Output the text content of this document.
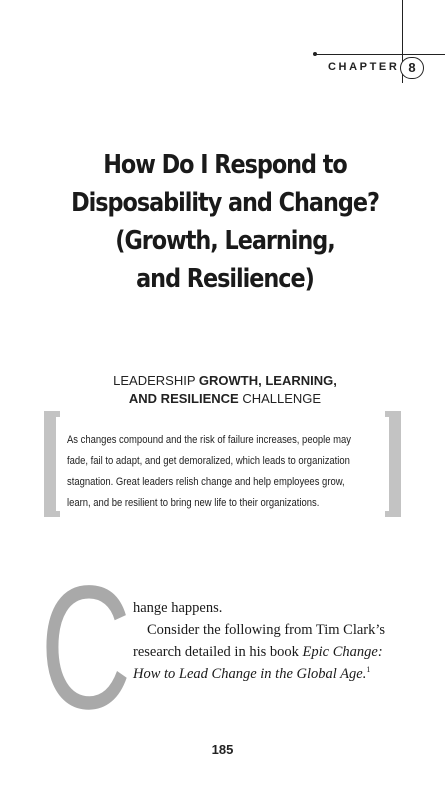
CHAPTER 8
How Do I Respond to
Disposability and Change?
(Growth, Learning,
and Resilience)
LEADERSHIP GROWTH, LEARNING,
AND RESILIENCE CHALLENGE

As changes compound and the risk of failure increases, people may
fade, fail to adapt, and get demoralized, which leads to organization
stagnation. Great leaders relish change and help employees grow,
learn, and be resilient to bring new life to their organizations.

C hange happens.
Consider the following from Tim Clark’s
research detailed in his book Epic Change:
How to Lead Change in the Global Age.$^1$
185
